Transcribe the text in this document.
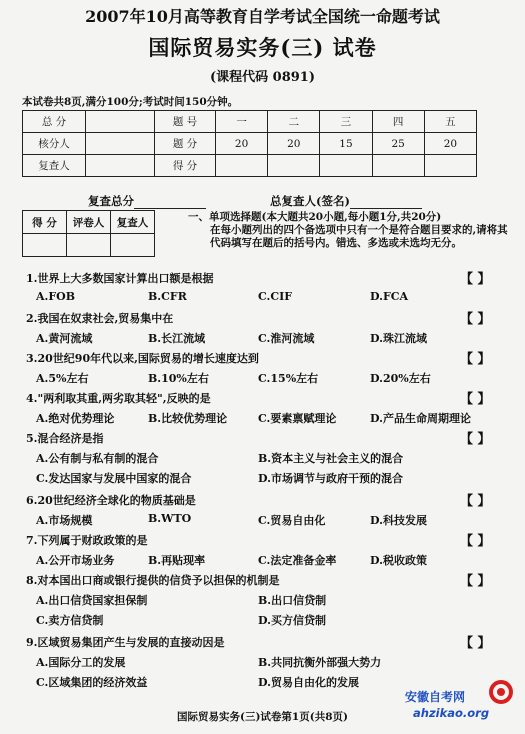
2007年10月高等教育自学考试全国统一命题考试
国际贸易实务(三) 试卷
(课程代码 0891)
本试卷共8页,满分100分;考试时间150分钟。
总 分		题 号	一	二	三	四	五
核分人		题 分	20	20	15	25	20
复查人		得 分					
复查总分	总复查人(签名)
得 分	评卷人	复查人
			一、单项选择题(本大题共20小题,每小题1分,共20分)
在每小题列出的四个备选项中只有一个是符合题目要求的,请将其代码填写在题后的括号内。错选、多选或未选均无分。
1.世界上大多数国家计算出口额是根据	【 】
A.FOB	B.CFR	C.CIF	D.FCA
2.我国在奴隶社会,贸易集中在	【 】
A.黄河流域	B.长江流域	C.淮河流域	D.珠江流域
3.20世纪90年代以来,国际贸易的增长速度达到	【 】
A.5%左右	B.10%左右	C.15%左右	D.20%左右
4."两利取其重,两劣取其轻",反映的是	【 】
A.绝对优势理论	B.比较优势理论	C.要素禀赋理论	D.产品生命周期理论
5.混合经济是指	【 】
A.公有制与私有制的混合	B.资本主义与社会主义的混合
C.发达国家与发展中国家的混合	D.市场调节与政府干预的混合
6.20世纪经济全球化的物质基础是	【 】
A.市场规模	B.WTO	C.贸易自由化	D.科技发展
7.下列属于财政政策的是	【 】
A.公开市场业务	B.再贴现率	C.法定准备金率	D.税收政策
8.对本国出口商或银行提供的信贷予以担保的机制是	【 】
A.出口信贷国家担保制	B.出口信贷制
C.卖方信贷制	D.买方信贷制
9.区域贸易集团产生与发展的直接动因是	【 】
A.国际分工的发展	B.共同抗衡外部强大势力
C.区域集团的经济效益	D.贸易自由化的发展
国际贸易实务(三)试卷第1页(共8页)
安徽自考网
ahzikao.org
